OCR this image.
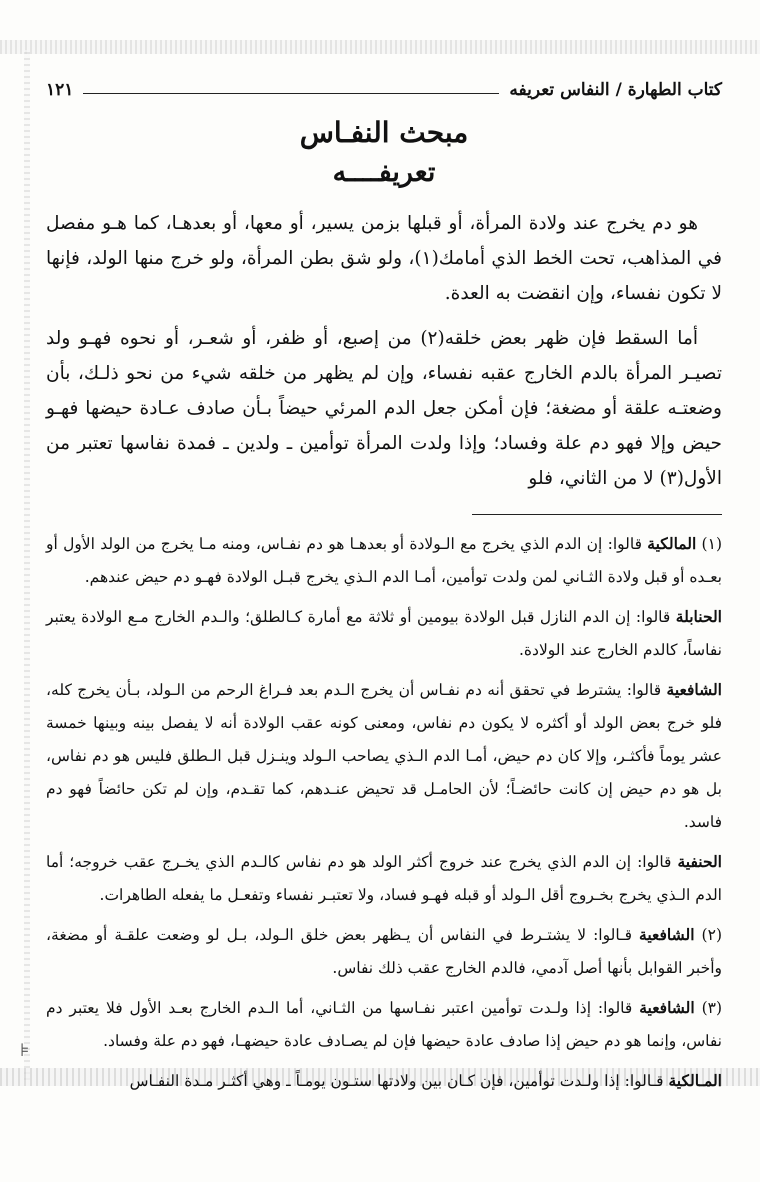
كتاب الطهارة / النفاس تعريفه
١٢١
مبحث النفـاس
تعريفــــه

هو دم يخرج عند ولادة المرأة، أو قبلها بزمن يسير، أو معها، أو بعدهـا، كما هـو مفصل في المذاهب، تحت الخط الذي أمامك(١)، ولو شق بطن المرأة، ولو خرج منها الولد، فإنها لا تكون نفساء، وإن انقضت به العدة.

أما السقط فإن ظهر بعض خلقه(٢) من إصبع، أو ظفر، أو شعـر، أو نحوه فهـو ولد تصيـر المرأة بالدم الخارج عقبه نفساء، وإن لم يظهر من خلقه شيء من نحو ذلـك، بأن وضعتـه علقة أو مضغة؛ فإن أمكن جعل الدم المرئي حيضاً بـأن صادف عـادة حيضها فهـو حيض وإلا فهو دم علة وفساد؛ وإذا ولدت المرأة توأمين ـ ولدين ـ فمدة نفاسها تعتبر من الأول(٣) لا من الثاني، فلو

(١) المالكية قالوا: إن الدم الذي يخرج مع الـولادة أو بعدهـا هو دم نفـاس، ومنه مـا يخرج من الولد الأول أو بعـده أو قبل ولادة الثـاني لمن ولدت توأمين، أمـا الدم الـذي يخرج قبـل الولادة فهـو دم حيض عندهم.

الحنابلة قالوا: إن الدم النازل قبل الولادة بيومين أو ثلاثة مع أمارة كـالطلق؛ والـدم الخارج مـع الولادة يعتبر نفاساً، كالدم الخارج عند الولادة.

الشافعية قالوا: يشترط في تحقق أنه دم نفـاس أن يخرج الـدم بعد فـراغ الرحم من الـولد، بـأن يخرج كله، فلو خرج بعض الولد أو أكثره لا يكون دم نفاس، ومعنى كونه عقب الولادة أنه لا يفصل بينه وبينها خمسة عشر يوماً فأكثـر، وإلا كان دم حيض، أمـا الدم الـذي يصاحب الـولد وينـزل قبل الـطلق فليس هو دم نفاس، بل هو دم حيض إن كانت حائضـاً؛ لأن الحامـل قد تحيض عنـدهم، كما تقـدم، وإن لم تكن حائضاً فهو دم فاسد.

الحنفية قالوا: إن الدم الذي يخرج عند خروج أكثر الولد هو دم نفاس كالـدم الذي يخـرج عقب خروجه؛ أما الدم الـذي يخرج بخـروج أقل الـولد أو قبله فهـو فساد، ولا تعتبـر نفساء وتفعـل ما يفعله الطاهرات.

(٢) الشافعية قـالوا: لا يشتـرط في النفاس أن يـظهر بعض خلق الـولد، بـل لو وضعت علقـة أو مضغة، وأخبر القوابل بأنها أصل آدمي، فالدم الخارج عقب ذلك نفاس.

(٣) الشافعية قالوا: إذا ولـدت توأمين اعتبر نفـاسها من الثـاني، أما الـدم الخارج بعـد الأول فلا يعتبر دم نفاس، وإنما هو دم حيض إذا صادف عادة حيضها فإن لم يصـادف عادة حيضهـا، فهو دم علة وفساد.

المـالكية قـالوا: إذا ولـدت توأمين، فإن كـان بين ولادتها ستـون يومـاً ـ وهي أكثـر مـدة النفـاس

⊧
